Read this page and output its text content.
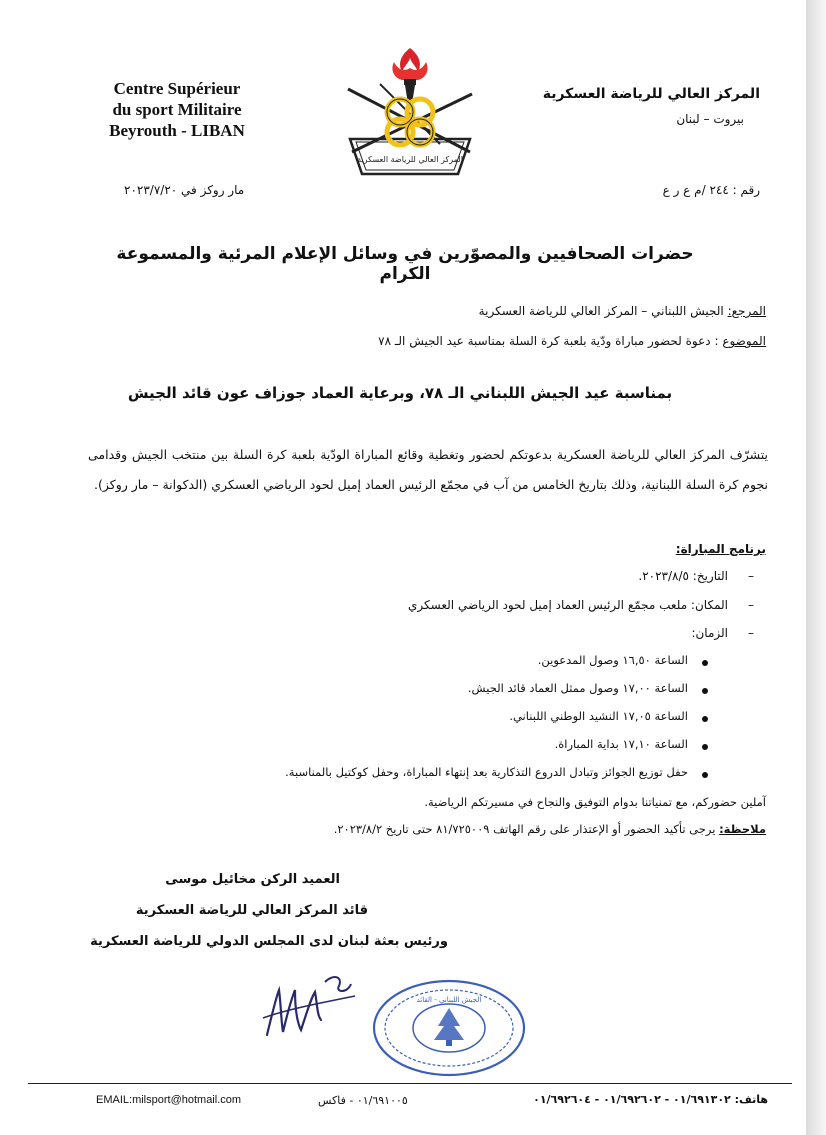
Centre Supérieur
du sport Militaire
Beyrouth - LIBAN
المركز العالي للرياضة العسكرية
المركز العالي للرياضة العسكرية
بيروت – لبنان
رقم : ٢٤٤ /م ع ر ع
مار روكز في ٢٠٢٣/٧/٢٠
حضرات الصحافيين والمصوّرين في وسائل الإعلام المرئية والمسموعة الكرام
المرجع: الجيش اللبناني – المركز العالي للرياضة العسكرية
الموضوع : دعوة لحضور مباراة ودّية بلعبة كرة السلة بمناسبة عيد الجيش الـ ٧٨
بمناسبة عيد الجيش اللبناني الـ ٧٨، وبرعاية العماد جوزاف عون قائد الجيش
يتشرّف المركز العالي للرياضة العسكرية بدعوتكم لحضور وتغطية وقائع المباراة الودّية بلعبة كرة السلة بين منتخب الجيش وقدامى نجوم كرة السلة اللبنانية، وذلك بتاريخ الخامس من آب في مجمّع الرئيس العماد إميل لحود الرياضي العسكري (الدكوانة – مار روكز).
برنامج المباراة:
–
التاريخ: ٢٠٢٣/٨/٥.
–
المكان: ملعب مجمّع الرئيس العماد إميل لحود الرياضي العسكري
–
الزمان:
الساعة ١٦,٥٠ وصول المدعوين.
الساعة ١٧,٠٠ وصول ممثل العماد قائد الجيش.
الساعة ١٧,٠٥ النشيد الوطني اللبناني.
الساعة ١٧,١٠ بداية المباراة.
حفل توزيع الجوائز وتبادل الدروع التذكارية بعد إنتهاء المباراة، وحفل كوكتيل بالمناسبة.
آملين حضوركم، مع تمنياتنا بدوام التوفيق والنجاح في مسيرتكم الرياضية.
ملاحظة: يرجى تأكيد الحضور أو الإعتذار على رقم الهاتف ٨١/٧٢٥٠٠٩ حتى تاريخ ٢٠٢٣/٨/٢.
العميد الركن مخائيل موسى
قائد المركز العالي للرياضة العسكرية
ورئيس بعثة لبنان لدى المجلس الدولي للرياضة العسكرية
الجيش اللبناني - القائد
هاتف: ٠١/٦٩١٣٠٢ - ٠١/٦٩٢٦٠٢ - ٠١/٦٩٢٦٠٤
٠١/٦٩١٠٠٥ - فاكس
EMAIL:milsport@hotmail.com
